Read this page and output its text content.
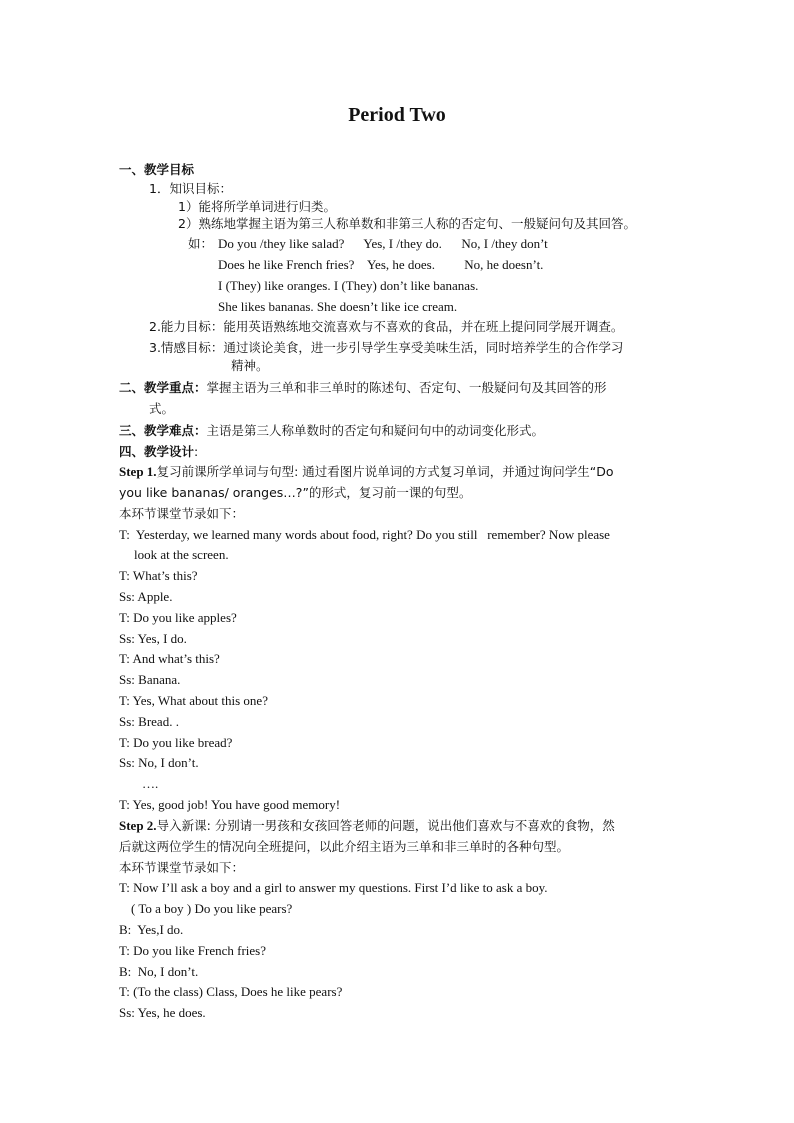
Period Two
一、教学目标
1．知识目标：
1）能将所学单词进行归类。
2）熟练地掌握主语为第三人称单数和非第三人称的否定句、一般疑问句及其回答。
如： Do you /they like salad?      Yes, I /they do.      No, I /they don’t
Does he like French fries?    Yes, he does.         No, he doesn’t.
I (They) like oranges. I (They) don’t like bananas.
She likes bananas. She doesn’t like ice cream.
2.能力目标：能用英语熟练地交流喜欢与不喜欢的食品，并在班上提问同学展开调查。
3.情感目标：通过谈论美食，进一步引导学生享受美味生活，同时培养学生的合作学习
精神。
二、教学重点：掌握主语为三单和非三单时的陈述句、否定句、一般疑问句及其回答的形
式。
三、教学难点：主语是第三人称单数时的否定句和疑问句中的动词变化形式。
四、教学设计:
Step 1.复习前课所学单词与句型: 通过看图片说单词的方式复习单词，并通过询问学生“Do
you like bananas/ oranges…?”的形式，复习前一课的句型。
本环节课堂节录如下：
T:  Yesterday, we learned many words about food, right? Do you still   remember? Now please
look at the screen.
T: What’s this?
Ss: Apple.
T: Do you like apples?
Ss: Yes, I do.
T: And what’s this?
Ss: Banana.
T: Yes, What about this one?
Ss: Bread. .
T: Do you like bread?
Ss: No, I don’t.
….
T: Yes, good job! You have good memory!
Step 2.导入新课: 分别请一男孩和女孩回答老师的问题，说出他们喜欢与不喜欢的食物，然
后就这两位学生的情况向全班提问，以此介绍主语为三单和非三单时的各种句型。
本环节课堂节录如下：
T: Now I’ll ask a boy and a girl to answer my questions. First I’d like to ask a boy.
( To a boy ) Do you like pears?
B:  Yes,I do.
T: Do you like French fries?
B:  No, I don’t.
T: (To the class) Class, Does he like pears?
Ss: Yes, he does.
